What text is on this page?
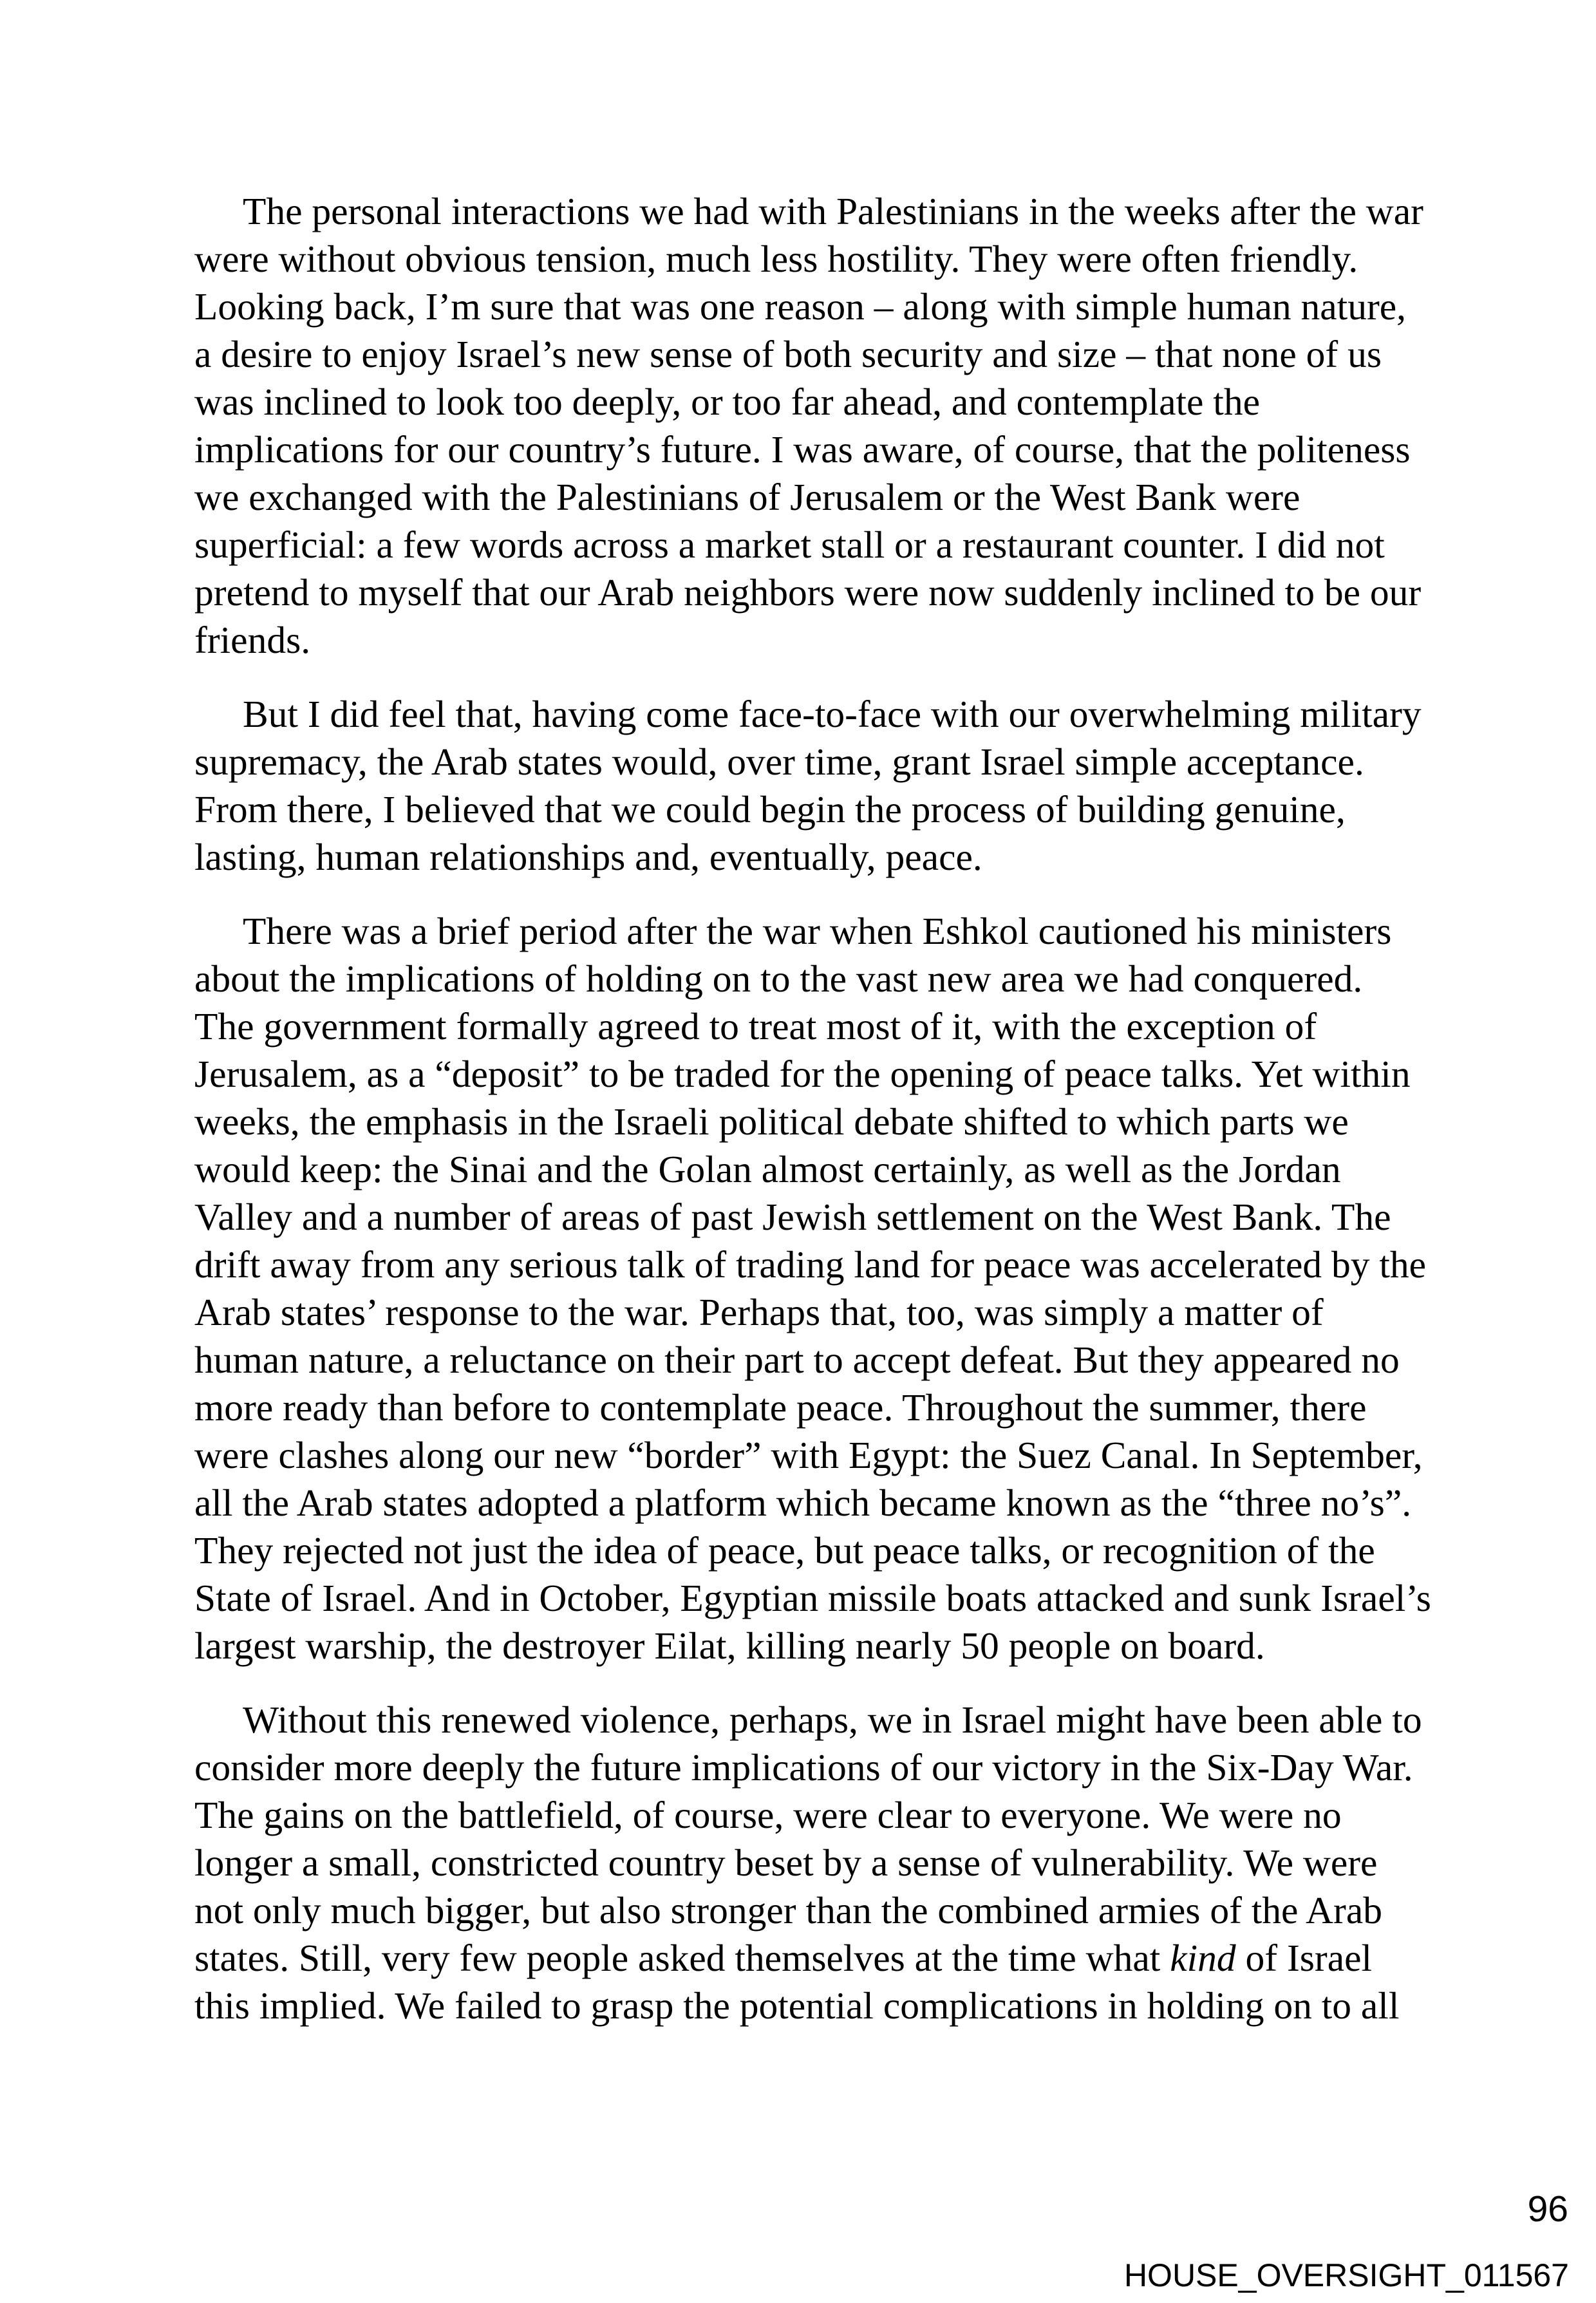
The personal interactions we had with Palestinians in the weeks after the war
were without obvious tension, much less hostility. They were often friendly.
Looking back, I’m sure that was one reason – along with simple human nature,
a desire to enjoy Israel’s new sense of both security and size – that none of us
was inclined to look too deeply, or too far ahead, and contemplate the
implications for our country’s future. I was aware, of course, that the politeness
we exchanged with the Palestinians of Jerusalem or the West Bank were
superficial: a few words across a market stall or a restaurant counter. I did not
pretend to myself that our Arab neighbors were now suddenly inclined to be our
friends.

But I did feel that, having come face-to-face with our overwhelming military
supremacy, the Arab states would, over time, grant Israel simple acceptance.
From there, I believed that we could begin the process of building genuine,
lasting, human relationships and, eventually, peace.

There was a brief period after the war when Eshkol cautioned his ministers
about the implications of holding on to the vast new area we had conquered.
The government formally agreed to treat most of it, with the exception of
Jerusalem, as a “deposit” to be traded for the opening of peace talks. Yet within
weeks, the emphasis in the Israeli political debate shifted to which parts we
would keep: the Sinai and the Golan almost certainly, as well as the Jordan
Valley and a number of areas of past Jewish settlement on the West Bank. The
drift away from any serious talk of trading land for peace was accelerated by the
Arab states’ response to the war. Perhaps that, too, was simply a matter of
human nature, a reluctance on their part to accept defeat. But they appeared no
more ready than before to contemplate peace. Throughout the summer, there
were clashes along our new “border” with Egypt: the Suez Canal. In September,
all the Arab states adopted a platform which became known as the “three no’s”.
They rejected not just the idea of peace, but peace talks, or recognition of the
State of Israel. And in October, Egyptian missile boats attacked and sunk Israel’s
largest warship, the destroyer Eilat, killing nearly 50 people on board.

Without this renewed violence, perhaps, we in Israel might have been able to
consider more deeply the future implications of our victory in the Six-Day War.
The gains on the battlefield, of course, were clear to everyone. We were no
longer a small, constricted country beset by a sense of vulnerability. We were
not only much bigger, but also stronger than the combined armies of the Arab
states. Still, very few people asked themselves at the time what kind of Israel
this implied. We failed to grasp the potential complications in holding on to all

96
HOUSE_OVERSIGHT_011567
